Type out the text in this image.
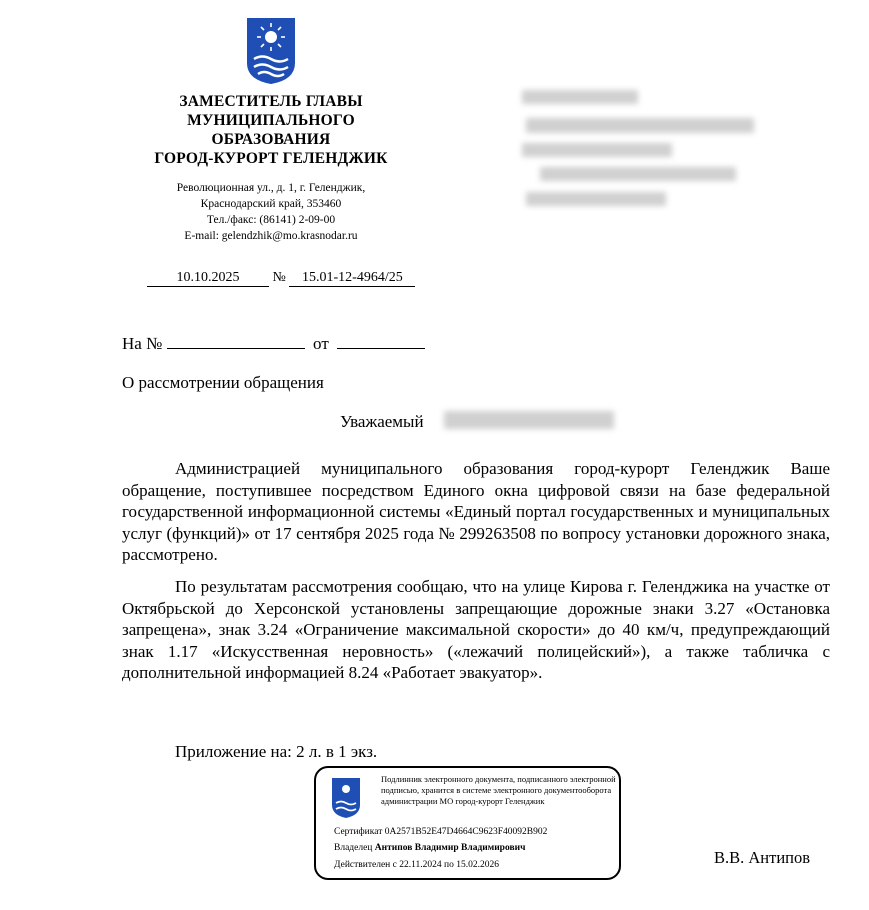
ЗАМЕСТИТЕЛЬ ГЛАВЫ
МУНИЦИПАЛЬНОГО
ОБРАЗОВАНИЯ
ГОРОД-КУРОРТ ГЕЛЕНДЖИК
Революционная ул., д. 1, г. Геленджик,
Краснодарский край, 353460
Тел./факс: (86141) 2-09-00
E-mail: gelendzhik@mo.krasnodar.ru
10.10.2025 № 15.01-12-4964/25
На №	от
О рассмотрении обращения
Уважаемый

Администрацией муниципального образования город-курорт Геленджик Ваше обращение, поступившее посредством Единого окна цифровой связи на базе федеральной государственной информационной системы «Единый портал государственных и муниципальных услуг (функций)» от 17 сентября 2025 года № 299263508 по вопросу установки дорожного знака, рассмотрено.

По результатам рассмотрения сообщаю, что на улице Кирова г. Геленджика на участке от Октябрьской до Херсонской установлены запрещающие дорожные знаки 3.27 «Остановка запрещена», знак 3.24 «Ограничение максимальной скорости» до 40 км/ч, предупреждающий знак 1.17 «Искусственная неровность» («лежачий полицейский»), а также табличка с дополнительной информацией 8.24 «Работает эвакуатор».

Приложение на: 2 л. в 1 экз.
Подлинник электронного документа, подписанного электронной подписью, хранится в системе электронного документооборота администрации МО город-курорт Геленджик
Сертификат 0A2571B52E47D4664C9623F40092B902
Владелец Антипов Владимир Владимирович
Действителен с 22.11.2024 по 15.02.2026	В.В. Антипов
